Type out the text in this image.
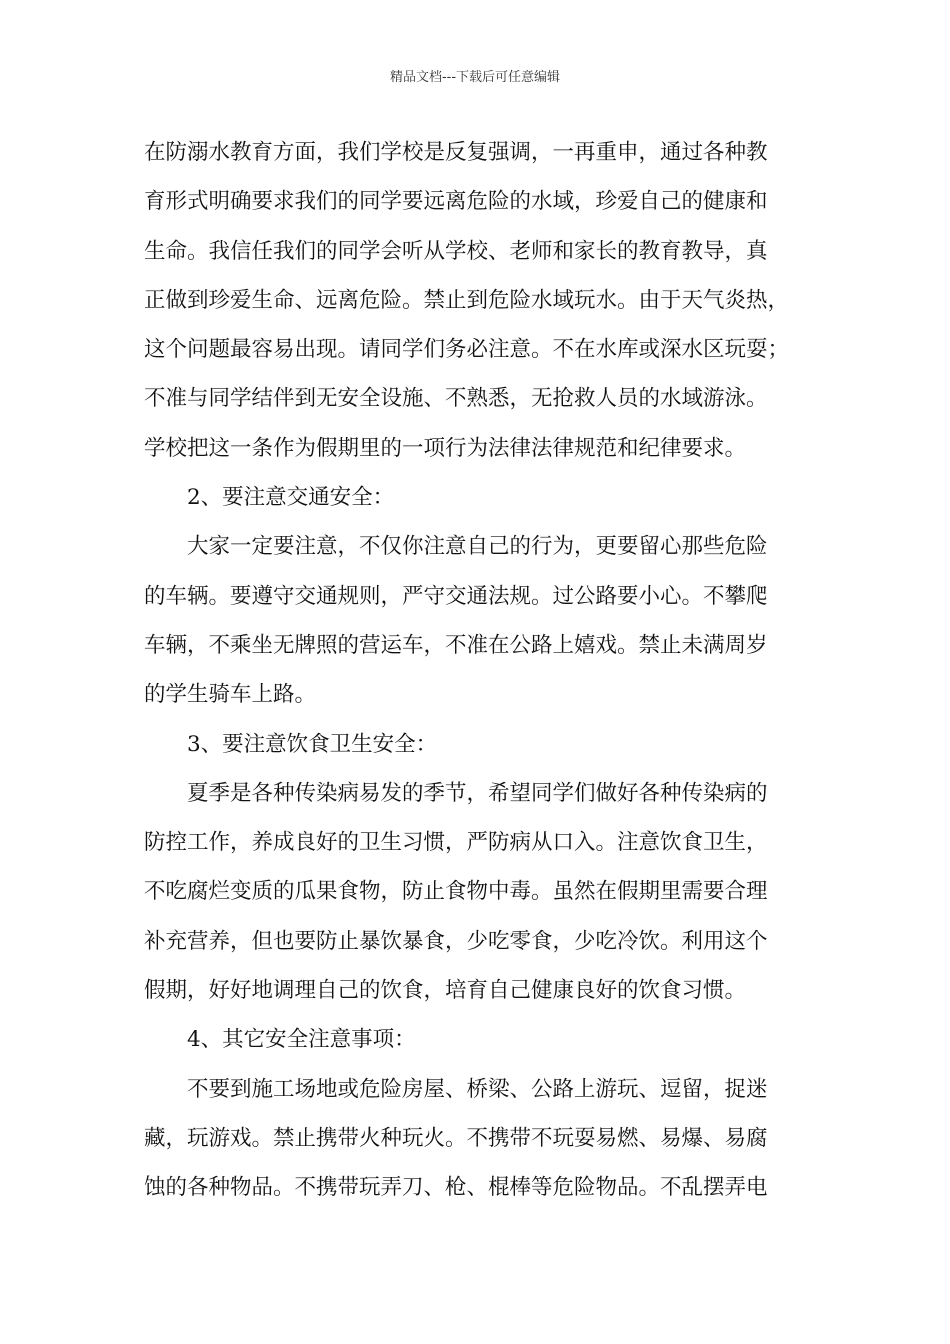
精品文档---下载后可任意编辑
在防溺水教育方面，我们学校是反复强调，一再重申，通过各种教
育形式明确要求我们的同学要远离危险的水域，珍爱自己的健康和
生命。我信任我们的同学会听从学校、老师和家长的教育教导，真
正做到珍爱生命、远离危险。禁止到危险水域玩水。由于天气炎热，
这个问题最容易出现。请同学们务必注意。不在水库或深水区玩耍；
不准与同学结伴到无安全设施、不熟悉，无抢救人员的水域游泳。
学校把这一条作为假期里的一项行为法律法律规范和纪律要求。
2、要注意交通安全：
大家一定要注意，不仅你注意自己的行为，更要留心那些危险
的车辆。要遵守交通规则，严守交通法规。过公路要小心。不攀爬
车辆，不乘坐无牌照的营运车，不准在公路上嬉戏。禁止未满周岁
的学生骑车上路。
3、要注意饮食卫生安全：
夏季是各种传染病易发的季节，希望同学们做好各种传染病的
防控工作，养成良好的卫生习惯，严防病从口入。注意饮食卫生，
不吃腐烂变质的瓜果食物，防止食物中毒。虽然在假期里需要合理
补充营养，但也要防止暴饮暴食，少吃零食，少吃冷饮。利用这个
假期，好好地调理自己的饮食，培育自己健康良好的饮食习惯。
4、其它安全注意事项：
不要到施工场地或危险房屋、桥梁、公路上游玩、逗留，捉迷
藏，玩游戏。禁止携带火种玩火。不携带不玩耍易燃、易爆、易腐
蚀的各种物品。不携带玩弄刀、枪、棍棒等危险物品。不乱摆弄电
